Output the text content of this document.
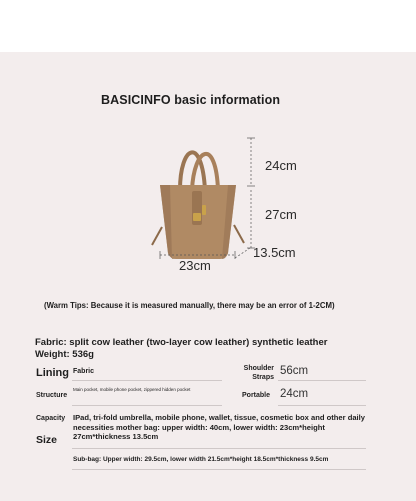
BASICINFO basic information
24cm
27cm
23cm
13.5cm
(Warm Tips: Because it is measured manually, there may be an error of 1-2CM)
Fabric: split cow leather (two-layer cow leather) synthetic leather Weight: 536g
Lining Fabric	Shoulder Straps
56cm
Structure
Main pocket, mobile phone pocket, zippered hidden pocket
Portable 24cm
Capacity IPad, tri-fold umbrella, mobile phone, wallet, tissue, cosmetic box and other daily necessities mother bag: upper width: 40cm, lower width: 23cm*height 27cm*thickness 13.5cm
Size
Sub-bag: Upper width: 29.5cm, lower width 21.5cm*height 18.5cm*thickness 9.5cm
